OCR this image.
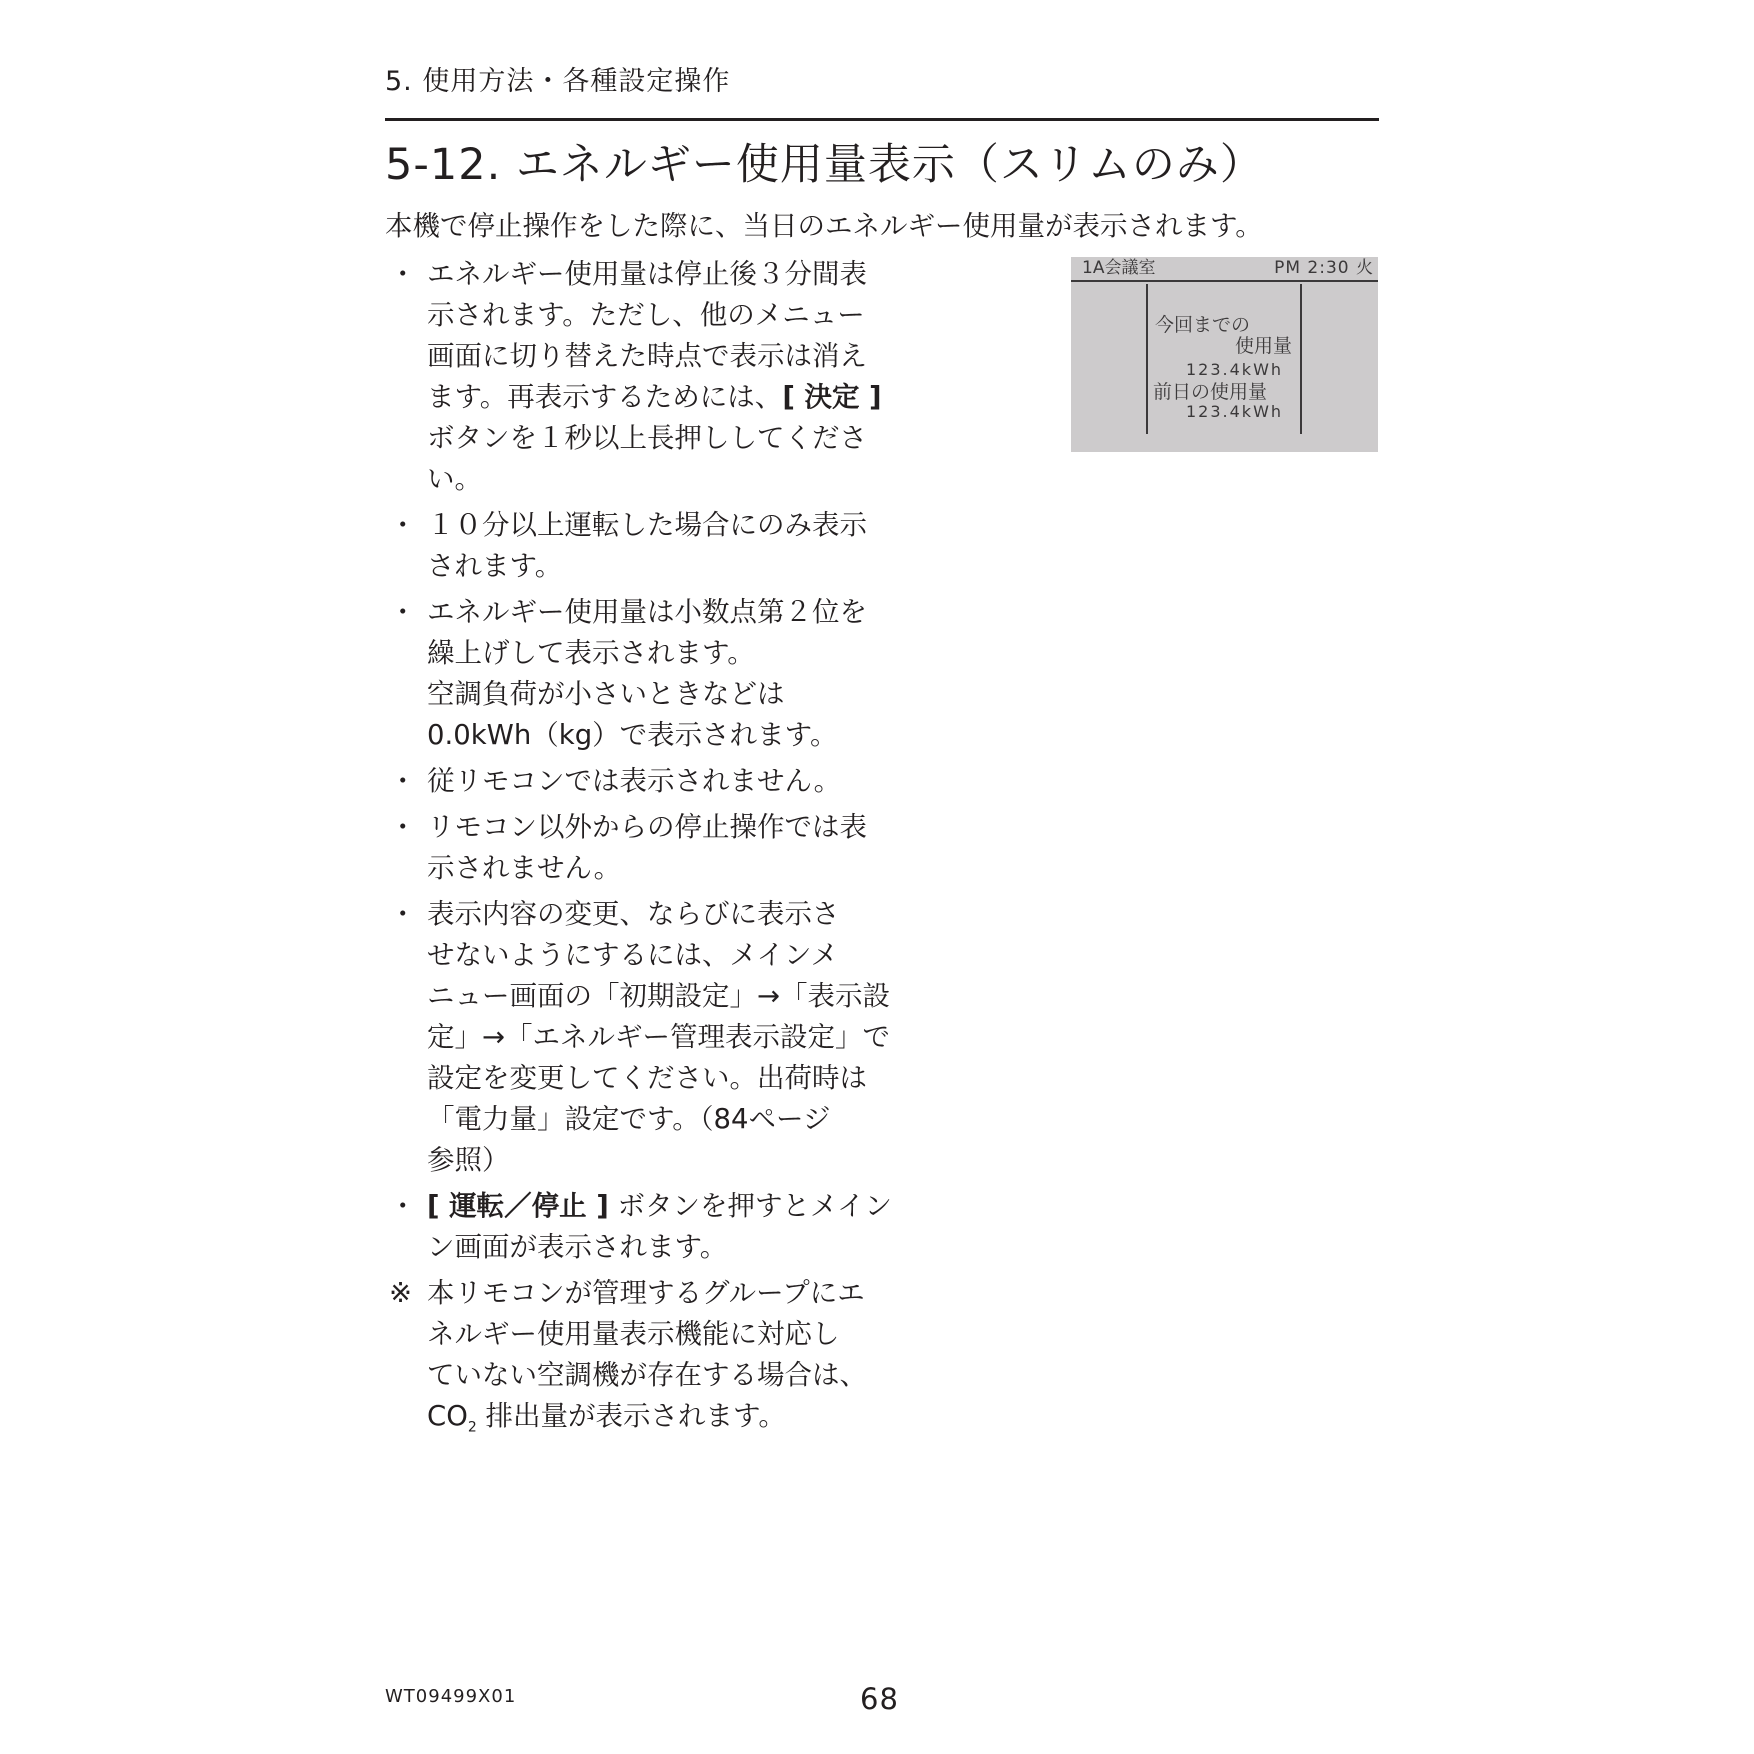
5. 使用方法・各種設定操作
5-12. エネルギー使用量表示（スリムのみ）
本機で停止操作をした際に、当日のエネルギー使用量が表示されます。
・ エネルギー使用量は停止後３分間表
示されます。ただし、他のメニュー
画面に切り替えた時点で表示は消え
ます。再表示するためには、[ 決定 ]
ボタンを１秒以上長押ししてくださ
い。
・ １０分以上運転した場合にのみ表示
されます。
・ エネルギー使用量は小数点第２位を
繰上げして表示されます。
空調負荷が小さいときなどは
0.0kWh（kg）で表示されます。
・ 従リモコンでは表示されません。
・ リモコン以外からの停止操作では表
示されません。
・ 表示内容の変更、ならびに表示さ
せないようにするには、メインメ
ニュー画面の「初期設定」→「表示設
定」→「エネルギー管理表示設定」で
設定を変更してください。出荷時は
「電力量」設定です。（84ページ
参照）
・ [ 運転／停止 ] ボタンを押すとメイン
ン画面が表示されます。
※ 本リモコンが管理するグループにエ
ネルギー使用量表示機能に対応し
ていない空調機が存在する場合は、
$CO_2$ 排出量が表示されます。
1A会議室	PM 2:30 火
今回までの
使用量
123.4kWh
前日の使用量
123.4kWh
WT09499X01	68
